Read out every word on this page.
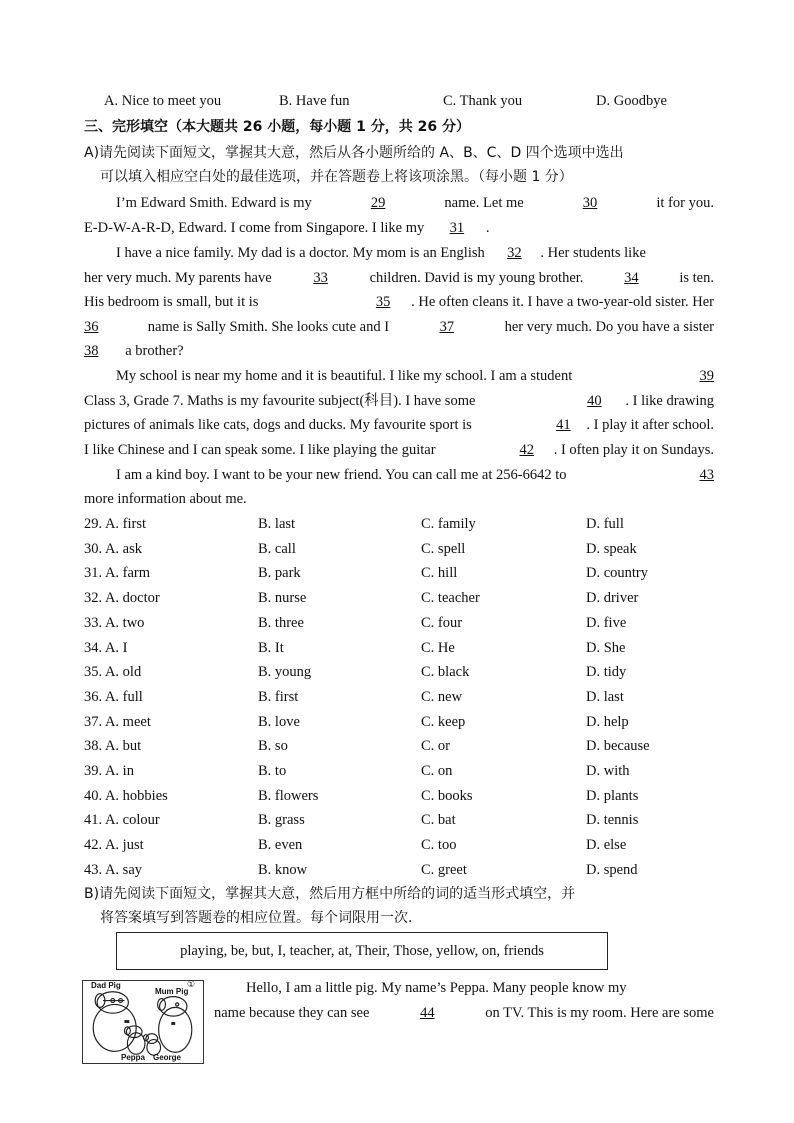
A. Nice to meet you	B. Have fun	C. Thank you	D. Goodbye
三、完形填空（本大题共 26 小题，每小题 1 分，共 26 分）
A)请先阅读下面短文，掌握其大意，然后从各小题所给的 A、B、C、D 四个选项中选出
可以填入相应空白处的最佳选项，并在答题卷上将该项涂黑。（每小题 1 分）
I’m Edward Smith. Edward is my	29	name. Let me	30	it for you.
E-D-W-A-R-D, Edward. I come from Singapore. I like my 31 .
I have a nice family. My dad is a doctor. My mom is an English 32 . Her students like
her very much. My parents have	33	children. David is my young brother.	34	is ten.
His bedroom is small, but it is	35 . He often cleans it. I have a two-year-old sister. Her
36	name is Sally Smith. She looks cute and I	37	her very much. Do you have a sister
38 a brother?
My school is near my home and it is beautiful. I like my school. I am a student	39
Class 3, Grade 7. Maths is my favourite subject(科目). I have some	40 . I like drawing
pictures of animals like cats, dogs and ducks. My favourite sport is	41 . I play it after school.
I like Chinese and I can speak some. I like playing the guitar	42 . I often play it on Sundays.
I am a kind boy. I want to be your new friend. You can call me at 256-6642 to	43
more information about me.
29. A. first	B. last	C. family	D. full
30. A. ask	B. call	C. spell	D. speak
31. A. farm	B. park	C. hill	D. country
32. A. doctor	B. nurse	C. teacher	D. driver
33. A. two	B. three	C. four	D. five
34. A. I	B. It	C. He	D. She
35. A. old	B. young	C. black	D. tidy
36. A. full	B. first	C. new	D. last
37. A. meet	B. love	C. keep	D. help
38. A. but	B. so	C. or	D. because
39. A. in	B. to	C. on	D. with
40. A. hobbies	B. flowers	C. books	D. plants
41. A. colour	B. grass	C. bat	D. tennis
42. A. just	B. even	C. too	D. else
43. A. say	B. know	C. greet	D. spend
B)请先阅读下面短文，掌握其大意，然后用方框中所给的词的适当形式填空，并
将答案填写到答题卷的相应位置。每个词限用一次.
playing, be, but, I, teacher, at, Their, Those, yellow, on, friends
Dad Pig
Mum Pig
①
Peppa George
Hello, I am a little pig. My name’s Peppa. Many people know my
name because they can see	44	on TV. This is my room. Here are some
